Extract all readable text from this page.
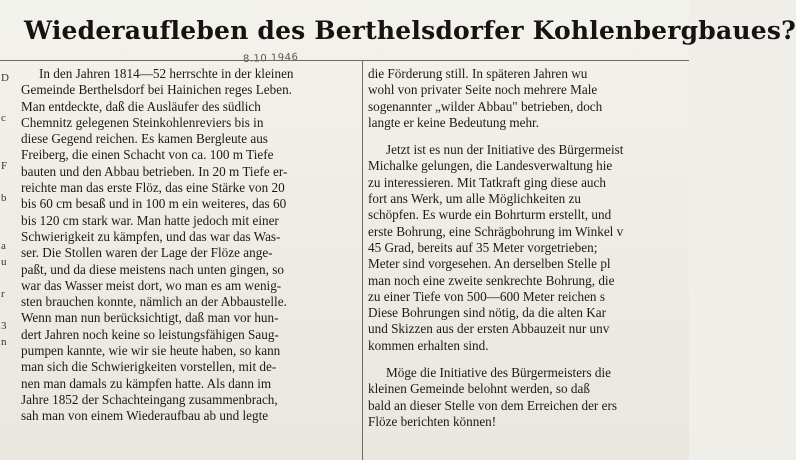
Wiederaufleben des Berthelsdorfer Kohlenbergbaues?
8.10.1946
D
c
F
b
a
u
r
3
n
In den Jahren 1814—52 herrschte in der kleinen
Gemeinde Berthelsdorf bei Hainichen reges Leben.
Man entdeckte, daß die Ausläufer des südlich
Chemnitz gelegenen Steinkohlenreviers bis in
diese Gegend reichen. Es kamen Bergleute aus
Freiberg, die einen Schacht von ca. 100 m Tiefe
bauten und den Abbau betrieben. In 20 m Tiefe er-
reichte man das erste Flöz, das eine Stärke von 20
bis 60 cm besaß und in 100 m ein weiteres, das 60
bis 120 cm stark war. Man hatte jedoch mit einer
Schwierigkeit zu kämpfen, und das war das Was-
ser. Die Stollen waren der Lage der Flöze ange-
paßt, und da diese meistens nach unten gingen, so
war das Wasser meist dort, wo man es am wenig-
sten brauchen konnte, nämlich an der Abbaustelle.
Wenn man nun berücksichtigt, daß man vor hun-
dert Jahren noch keine so leistungsfähigen Saug-
pumpen kannte, wie wir sie heute haben, so kann
man sich die Schwierigkeiten vorstellen, mit de-
nen man damals zu kämpfen hatte. Als dann im
Jahre 1852 der Schachteingang zusammenbrach,
sah man von einem Wiederaufbau ab und legte
die Förderung still. In späteren Jahren wu
wohl von privater Seite noch mehrere Male
sogenannter „wilder Abbau" betrieben, doch
langte er keine Bedeutung mehr.
Jetzt ist es nun der Initiative des Bürgermeist
Michalke gelungen, die Landesverwaltung hie
zu interessieren. Mit Tatkraft ging diese auch
fort ans Werk, um alle Möglichkeiten zu
schöpfen. Es wurde ein Bohrturm erstellt, und
erste Bohrung, eine Schrägbohrung im Winkel v
45 Grad, bereits auf 35 Meter vorgetrieben;
Meter sind vorgesehen. An derselben Stelle pl
man noch eine zweite senkrechte Bohrung, die
zu einer Tiefe von 500—600 Meter reichen s
Diese Bohrungen sind nötig, da die alten Kar
und Skizzen aus der ersten Abbauzeit nur unv
kommen erhalten sind.
Möge die Initiative des Bürgermeisters die
kleinen Gemeinde belohnt werden, so daß
bald an dieser Stelle von dem Erreichen der ers
Flöze berichten können!
